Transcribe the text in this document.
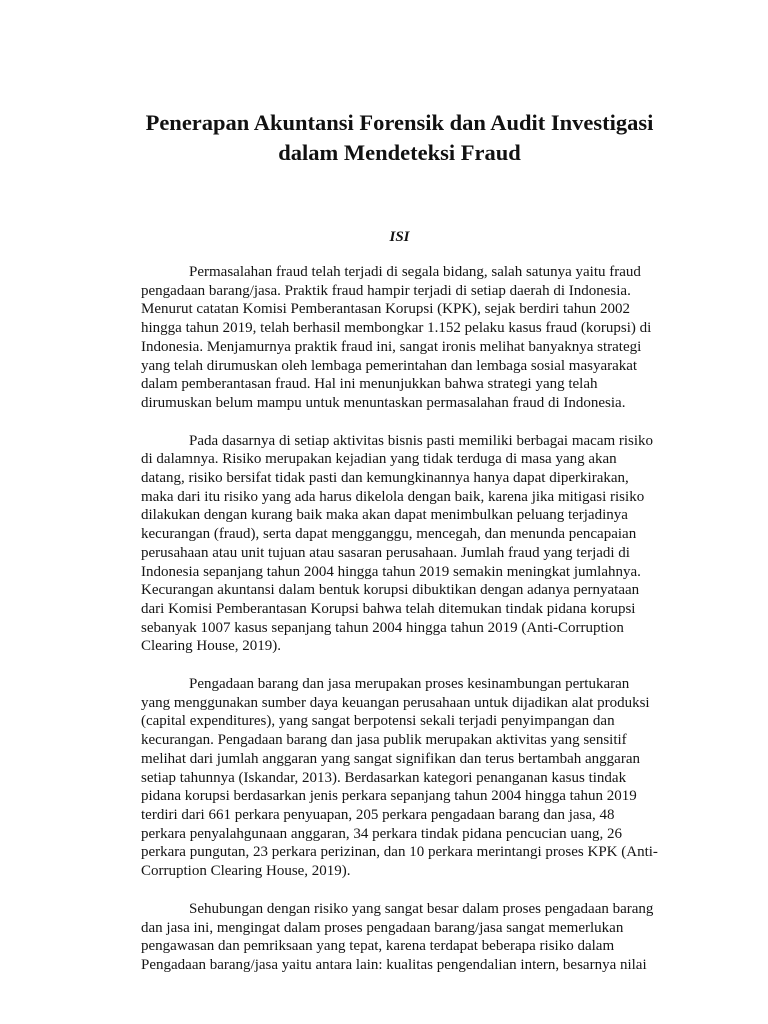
Penerapan Akuntansi Forensik dan Audit Investigasi
dalam Mendeteksi Fraud
ISI

Permasalahan fraud telah terjadi di segala bidang, salah satunya yaitu fraud
pengadaan barang/jasa. Praktik fraud hampir terjadi di setiap daerah di Indonesia.
Menurut catatan Komisi Pemberantasan Korupsi (KPK), sejak berdiri tahun 2002
hingga tahun 2019, telah berhasil membongkar 1.152 pelaku kasus fraud (korupsi) di
Indonesia. Menjamurnya praktik fraud ini, sangat ironis melihat banyaknya strategi
yang telah dirumuskan oleh lembaga pemerintahan dan lembaga sosial masyarakat
dalam pemberantasan fraud. Hal ini menunjukkan bahwa strategi yang telah
dirumuskan belum mampu untuk menuntaskan permasalahan fraud di Indonesia.

Pada dasarnya di setiap aktivitas bisnis pasti memiliki berbagai macam risiko
di dalamnya. Risiko merupakan kejadian yang tidak terduga di masa yang akan
datang, risiko bersifat tidak pasti dan kemungkinannya hanya dapat diperkirakan,
maka dari itu risiko yang ada harus dikelola dengan baik, karena jika mitigasi risiko
dilakukan dengan kurang baik maka akan dapat menimbulkan peluang terjadinya
kecurangan (fraud), serta dapat mengganggu, mencegah, dan menunda pencapaian
perusahaan atau unit tujuan atau sasaran perusahaan. Jumlah fraud yang terjadi di
Indonesia sepanjang tahun 2004 hingga tahun 2019 semakin meningkat jumlahnya.
Kecurangan akuntansi dalam bentuk korupsi dibuktikan dengan adanya pernyataan
dari Komisi Pemberantasan Korupsi bahwa telah ditemukan tindak pidana korupsi
sebanyak 1007 kasus sepanjang tahun 2004 hingga tahun 2019 (Anti-Corruption
Clearing House, 2019).

Pengadaan barang dan jasa merupakan proses kesinambungan pertukaran
yang menggunakan sumber daya keuangan perusahaan untuk dijadikan alat produksi
(capital expenditures), yang sangat berpotensi sekali terjadi penyimpangan dan
kecurangan. Pengadaan barang dan jasa publik merupakan aktivitas yang sensitif
melihat dari jumlah anggaran yang sangat signifikan dan terus bertambah anggaran
setiap tahunnya (Iskandar, 2013). Berdasarkan kategori penanganan kasus tindak
pidana korupsi berdasarkan jenis perkara sepanjang tahun 2004 hingga tahun 2019
terdiri dari 661 perkara penyuapan, 205 perkara pengadaan barang dan jasa, 48
perkara penyalahgunaan anggaran, 34 perkara tindak pidana pencucian uang, 26
perkara pungutan, 23 perkara perizinan, dan 10 perkara merintangi proses KPK (Anti-
Corruption Clearing House, 2019).

Sehubungan dengan risiko yang sangat besar dalam proses pengadaan barang
dan jasa ini, mengingat dalam proses pengadaan barang/jasa sangat memerlukan
pengawasan dan pemriksaan yang tepat, karena terdapat beberapa risiko dalam
Pengadaan barang/jasa yaitu antara lain: kualitas pengendalian intern, besarnya nilai
